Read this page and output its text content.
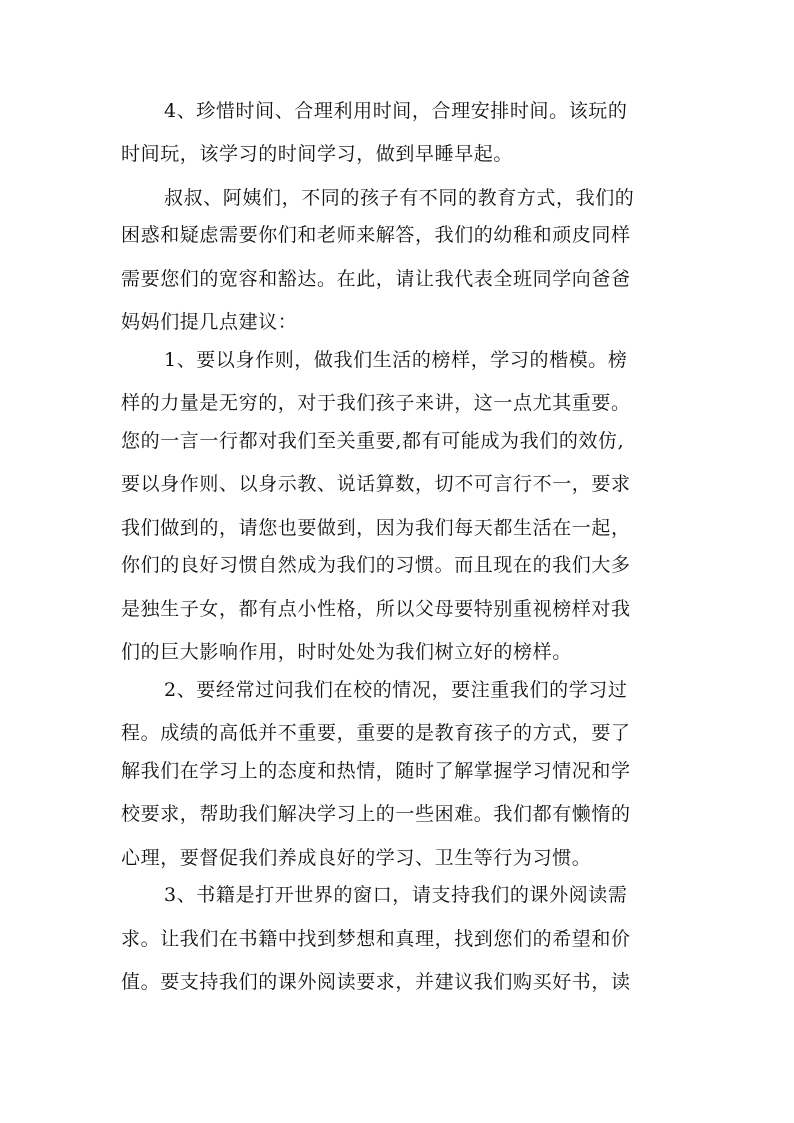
4、珍惜时间、合理利用时间，合理安排时间。该玩的
时间玩，该学习的时间学习，做到早睡早起。
叔叔、阿姨们，不同的孩子有不同的教育方式，我们的
困惑和疑虑需要你们和老师来解答，我们的幼稚和顽皮同样
需要您们的宽容和豁达。在此，请让我代表全班同学向爸爸
妈妈们提几点建议：
1、要以身作则，做我们生活的榜样，学习的楷模。榜
样的力量是无穷的，对于我们孩子来讲，这一点尤其重要。
您的一言一行都对我们至关重要,都有可能成为我们的效仿,
要以身作则、以身示教、说话算数，切不可言行不一，要求
我们做到的，请您也要做到，因为我们每天都生活在一起，
你们的良好习惯自然成为我们的习惯。而且现在的我们大多
是独生子女，都有点小性格，所以父母要特别重视榜样对我
们的巨大影响作用，时时处处为我们树立好的榜样。
2、要经常过问我们在校的情况，要注重我们的学习过
程。成绩的高低并不重要，重要的是教育孩子的方式，要了
解我们在学习上的态度和热情，随时了解掌握学习情况和学
校要求，帮助我们解决学习上的一些困难。我们都有懒惰的
心理，要督促我们养成良好的学习、卫生等行为习惯。
3、书籍是打开世界的窗口，请支持我们的课外阅读需
求。让我们在书籍中找到梦想和真理，找到您们的希望和价
值。要支持我们的课外阅读要求，并建议我们购买好书，读
